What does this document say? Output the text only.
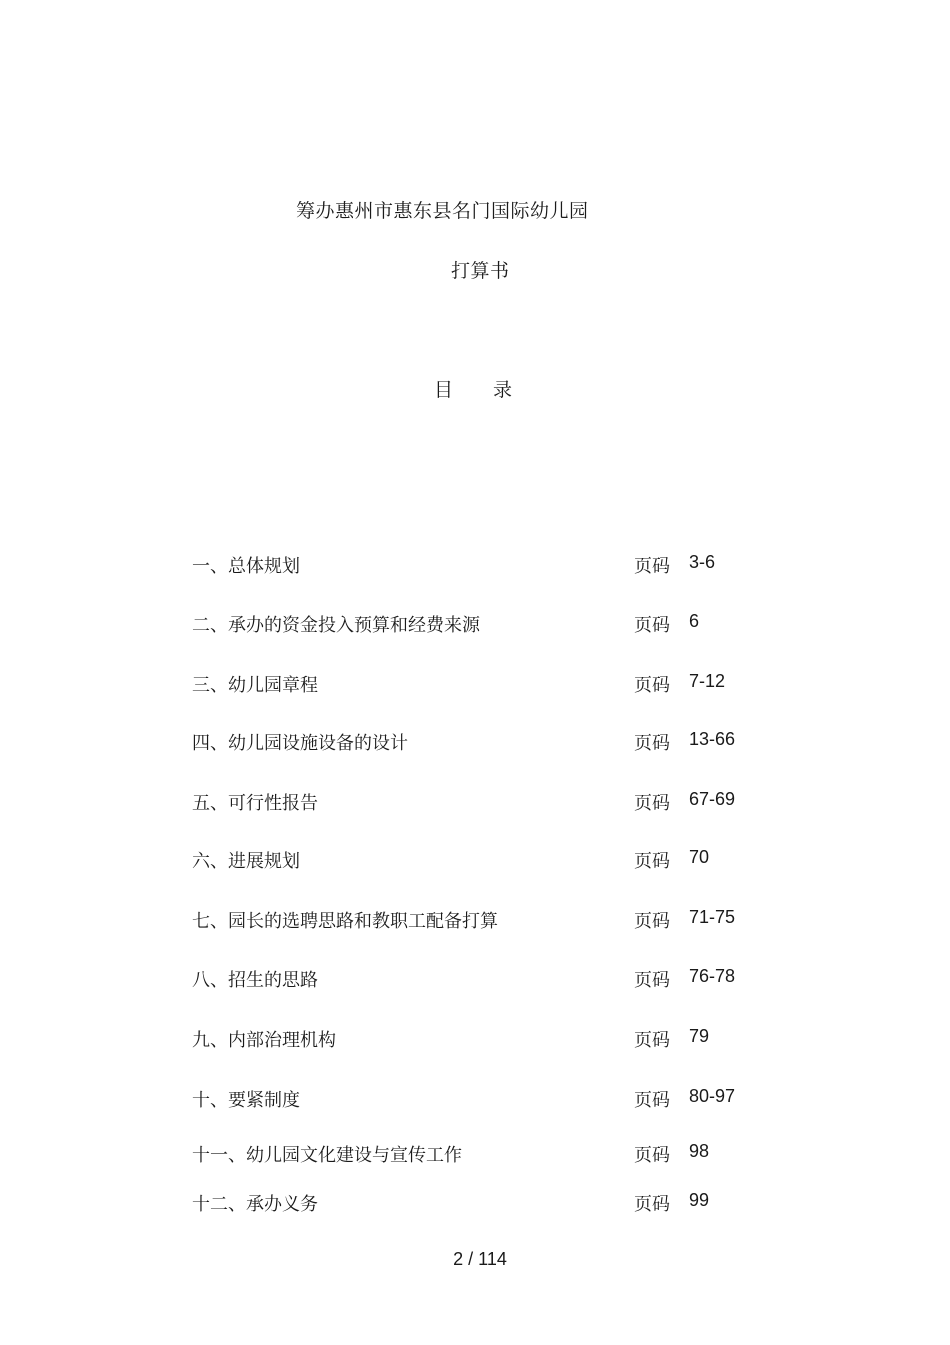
筹办惠州市惠东县名门国际幼儿园
打算书
目 录
一、总体规划	页码 3-6
二、承办的资金投入预算和经费来源	页码 6
三、幼儿园章程	页码 7-12
四、幼儿园设施设备的设计	页码 13-66
五、可行性报告	页码 67-69
六、进展规划	页码 70
七、园长的选聘思路和教职工配备打算	页码 71-75
八、招生的思路	页码 76-78
九、内部治理机构	页码 79
十、要紧制度	页码 80-97
十一、幼儿园文化建设与宣传工作	页码 98
十二、承办义务	页码 99
2 / 114
